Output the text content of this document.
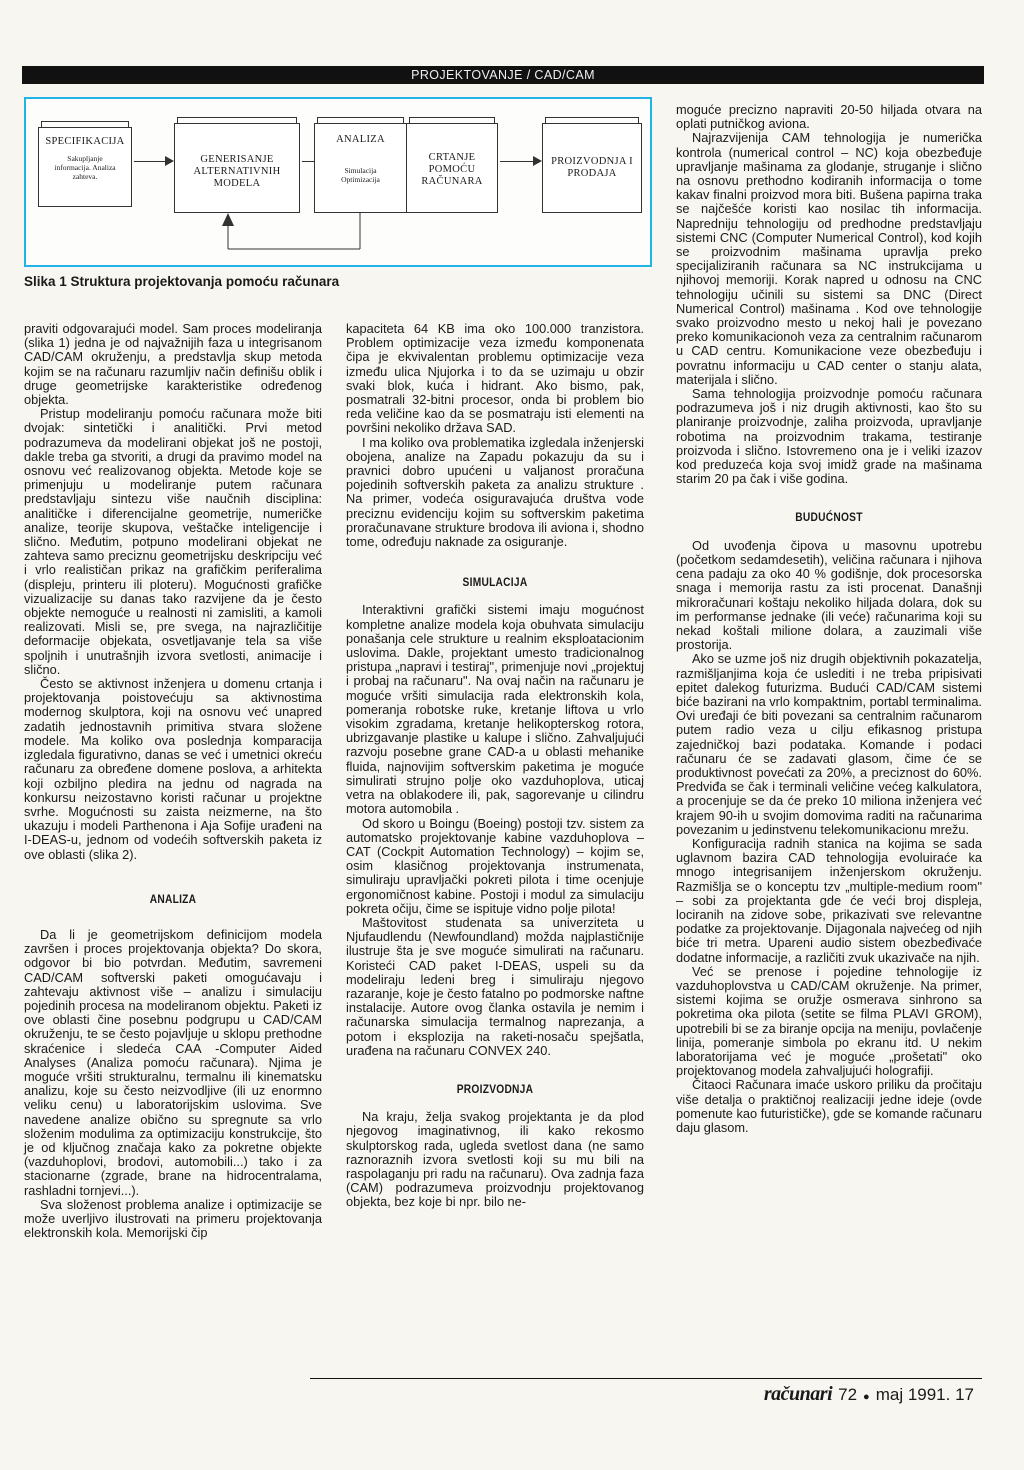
PROJEKTOVANJE / CAD/CAM
SPECIFIKACIJA
Sakupljanje informacija. Analiza zahteva.
GENERISANJE ALTERNATIVNIH MODELA
ANALIZA
Simulacija Optimizacija
CRTANJE POMOĆU RAČUNARA
PROIZVODNJA I PRODAJA
Slika 1 Struktura projektovanja pomoću računara

praviti odgovarajući model. Sam proces modeliranja (slika 1) jedna je od najvažnijih faza u integrisanom CAD/CAM okruženju, a predstavlja skup metoda kojim se na računaru razumljiv način definišu oblik i druge geometrijske karakteristike određenog objekta.

Pristup modeliranju pomoću računara može biti dvojak: sintetički i analitički. Prvi metod podrazumeva da modelirani objekat još ne postoji, dakle treba ga stvoriti, a drugi da pravimo model na osnovu već realizovanog objekta. Metode koje se primenjuju u modeliranje putem računara predstavljaju sintezu više naučnih disciplina: analitičke i diferencijalne geometrije, numeričke analize, teorije skupova, veštačke inteligencije i slično. Međutim, potpuno modelirani objekat ne zahteva samo preciznu geometrijsku deskripciju već i vrlo realističan prikaz na grafičkim periferalima (displeju, printeru ili ploteru). Mogućnosti grafičke vizualizacije su danas tako razvijene da je često objekte nemoguće u realnosti ni zamisliti, a kamoli realizovati. Misli se, pre svega, na najrazličitije deformacije objekata, osvetljavanje tela sa više spoljnih i unutrašnjih izvora svetlosti, animacije i slično.

Često se aktivnost inženjera u domenu crtanja i projektovanja poistovećuju sa aktivnostima modernog skulptora, koji na osnovu već unapred zadatih jednostavnih primitiva stvara složene modele. Ma koliko ova poslednja komparacija izgledala figurativno, danas se već i umetnici okreću računaru za obređene domene poslova, a arhitekta koji ozbiljno pledira na jednu od nagrada na konkursu neizostavno koristi računar u projektne svrhe. Mogućnosti su zaista neizmerne, na što ukazuju i modeli Parthenona i Aja Sofije urađeni na I-DEAS-u, jednom od vodećih softverskih paketa iz ove oblasti (slika 2).

ANALIZA

Da li je geometrijskom definicijom modela završen i proces projektovanja objekta? Do skora, odgovor bi bio potvrdan. Međutim, savremeni CAD/CAM softverski paketi omogućavaju i zahtevaju aktivnost više – analizu i simulaciju pojedinih procesa na modeliranom objektu. Paketi iz ove oblasti čine posebnu podgrupu u CAD/CAM okruženju, te se često pojavljuje u sklopu prethodne skraćenice i sledeća CAA -Computer Aided Analyses (Analiza pomoću računara). Njima je moguće vršiti strukturalnu, termalnu ili kinematsku analizu, koje su često neizvodljive (ili uz enormno veliku cenu) u laboratorijskim uslovima. Sve navedene analize obično su spregnute sa vrlo složenim modulima za optimizaciju konstrukcije, što je od ključnog značaja kako za pokretne objekte (vazduhoplovi, brodovi, automobili...) tako i za stacionarne (zgrade, brane na hidrocentralama, rashladni tornjevi...).

Sva složenost problema analize i optimizacije se može uverljivo ilustrovati na primeru projektovanja elektronskih kola. Memorijski čip

kapaciteta 64 KB ima oko 100.000 tranzistora. Problem optimizacije veza između komponenata čipa je ekvivalentan problemu optimizacije veza između ulica Njujorka i to da se uzimaju u obzir svaki blok, kuća i hidrant. Ako bismo, pak, posmatrali 32-bitni procesor, onda bi problem bio reda veličine kao da se posmatraju isti elementi na površini nekoliko država SAD.

I ma koliko ova problematika izgledala inženjerski obojena, analize na Zapadu pokazuju da su i pravnici dobro upućeni u valjanost proračuna pojedinih softverskih paketa za analizu strukture . Na primer, vodeća osiguravajuća društva vode preciznu evidenciju kojim su softverskim paketima proračunavane strukture brodova ili aviona i, shodno tome, određuju naknade za osiguranje.

SIMULACIJA

Interaktivni grafički sistemi imaju mogućnost kompletne analize modela koja obuhvata simulaciju ponašanja cele strukture u realnim eksploatacionim uslovima. Dakle, projektant umesto tradicionalnog pristupa „napravi i testiraj", primenjuje novi „projektuj i probaj na računaru". Na ovaj način na računaru je moguće vršiti simulacija rada elektronskih kola, pomeranja robotske ruke, kretanje liftova u vrlo visokim zgradama, kretanje helikopterskog rotora, ubrizgavanje plastike u kalupe i slično. Zahvaljujući razvoju posebne grane CAD-a u oblasti mehanike fluida, najnovijim softverskim paketima je moguće simulirati strujno polje oko vazduhoplova, uticaj vetra na oblakodere ili, pak, sagorevanje u cilindru motora automobila .

Od skoro u Boingu (Boeing) postoji tzv. sistem za automatsko projektovanje kabine vazduhoplova – CAT (Cockpit Automation Technology) – kojim se, osim klasičnog projektovanja instrumenata, simuliraju upravljački pokreti pilota i time ocenjuje ergonomičnost kabine. Postoji i modul za simulaciju pokreta očiju, čime se ispituje vidno polje pilota!

Maštovitost studenata sa univerziteta u Njufaudlendu (Newfoundland) možda najplastičnije ilustruje šta je sve moguće simulirati na računaru. Koristeći CAD paket I-DEAS, uspeli su da modeliraju ledeni breg i simuliraju njegovo razaranje, koje je često fatalno po podmorske naftne instalacije. Autore ovog članka ostavila je nemim i računarska simulacija termalnog naprezanja, a potom i eksplozija na raketi-nosaču spejšatla, urađena na računaru CONVEX 240.

PROIZVODNJA

Na kraju, želja svakog projektanta je da plod njegovog imaginativnog, ili kako rekosmo skulptorskog rada, ugleda svetlost dana (ne samo raznoraznih izvora svetlosti koji su mu bili na raspolaganju pri radu na računaru). Ova zadnja faza (CAM) podrazumeva proizvodnju projektovanog objekta, bez koje bi npr. bilo ne-

moguće precizno napraviti 20-50 hiljada otvara na oplati putničkog aviona.

Najrazvijenija CAM tehnologija je numerička kontrola (numerical control – NC) koja obezbeđuje upravljanje mašinama za glodanje, struganje i slično na osnovu prethodno kodiranih informacija o tome kakav finalni proizvod mora biti. Bušena papirna traka se najčešće koristi kao nosilac tih informacija. Napredniju tehnologiju od predhodne predstavljaju sistemi CNC (Computer Numerical Control), kod kojih se proizvodnim mašinama upravlja preko specijaliziranih računara sa NC instrukcijama u njihovoj memoriji. Korak napred u odnosu na CNC tehnologiju učinili su sistemi sa DNC (Direct Numerical Control) mašinama . Kod ove tehnologije svako proizvodno mesto u nekoj hali je povezano preko komunikacionoh veza za centralnim računarom u CAD centru. Komunikacione veze obezbeđuju i povratnu informaciju u CAD center o stanju alata, materijala i slično.

Sama tehnologija proizvodnje pomoću računara podrazumeva još i niz drugih aktivnosti, kao što su planiranje proizvodnje, zaliha proizvoda, upravljanje robotima na proizvodnim trakama, testiranje proizvoda i slično. Istovremeno ona je i veliki izazov kod preduzeća koja svoj imidž grade na mašinama starim 20 pa čak i više godina.

BUDUĆNOST

Od uvođenja čipova u masovnu upotrebu (početkom sedamdesetih), veličina računara i njihova cena padaju za oko 40 % godišnje, dok procesorska snaga i memorija rastu za isti procenat. Današnji mikroračunari koštaju nekoliko hiljada dolara, dok su im performanse jednake (ili veće) računarima koji su nekad koštali milione dolara, a zauzimali više prostorija.

Ako se uzme još niz drugih objektivnih pokazatelja, razmišljanjima koja će uslediti i ne treba pripisivati epitet dalekog futurizma. Budući CAD/CAM sistemi biće bazirani na vrlo kompaktnim, portabl terminalima. Ovi uređaji će biti povezani sa centralnim računarom putem radio veza u cilju efikasnog pristupa zajedničkoj bazi podataka. Komande i podaci računaru će se zadavati glasom, čime će se produktivnost povećati za 20%, a preciznost do 60%. Predviđa se čak i terminali veličine većeg kalkulatora, a procenjuje se da će preko 10 miliona inženjera već krajem 90-ih u svojim domovima raditi na računarima povezanim u jedinstvenu telekomunikacionu mrežu.

Konfiguracija radnih stanica na kojima se sada uglavnom bazira CAD tehnologija evoluiraće ka mnogo integrisanijem inženjerskom okruženju. Razmišlja se o konceptu tzv „multiple-medium room" – sobi za projektanta gde će veći broj displeja, lociranih na zidove sobe, prikazivati sve relevantne podatke za projektovanje. Dijagonala najvećeg od njih biće tri metra. Upareni audio sistem obezbeđivaće dodatne informacije, a različiti zvuk ukazivače na njih.

Već se prenose i pojedine tehnologije iz vazduhoplovstva u CAD/CAM okruženje. Na primer, sistemi kojima se oružje osmerava sinhrono sa pokretima oka pilota (setite se filma PLAVI GROM), upotrebili bi se za biranje opcija na meniju, povlačenje linija, pomeranje simbola po ekranu itd. U nekim laboratorijama već je moguće „prošetati" oko projektovanog modela zahvaljujući holografiji.

Čitaoci Računara imaće uskoro priliku da pročitaju više detalja o praktičnoj realizaciji jedne ideje (ovde pomenute kao futurističke), gde se komande računaru daju glasom.

računari 72 ● maj 1991. 17
